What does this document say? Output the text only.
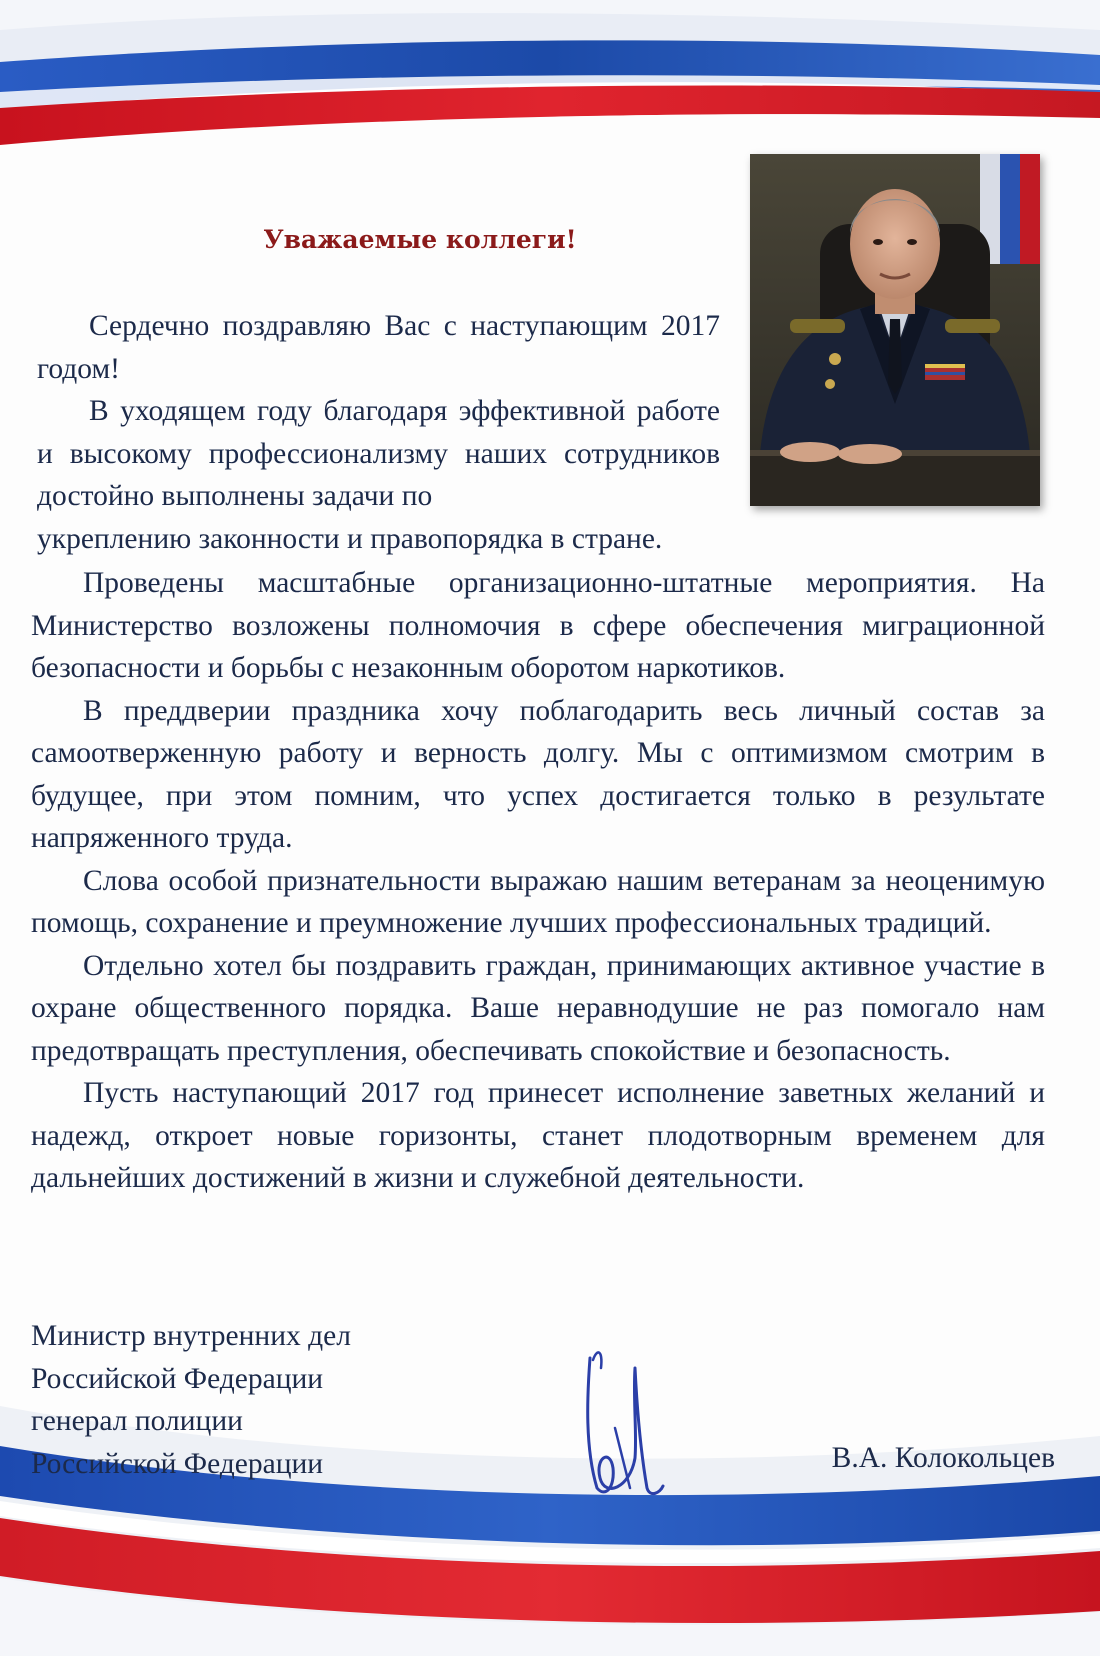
Уважаемые коллеги!

Сердечно поздравляю Вас с наступающим 2017 годом!

В уходящем году благодаря эффективной работе и высокому профессионализму наших сотрудников достойно выполнены задачи по

укреплению законности и правопорядка в стране.

Проведены масштабные организационно-штатные мероприятия. На Министерство возложены полномочия в сфере обеспечения миграционной безопасности и борьбы с незаконным оборотом наркотиков.

В преддверии праздника хочу поблагодарить весь личный состав за самоотверженную работу и верность долгу. Мы с оптимизмом смотрим в будущее, при этом помним, что успех достигается только в результате напряженного труда.

Слова особой признательности выражаю нашим ветеранам за неоценимую помощь, сохранение и преумножение лучших профессиональных традиций.

Отдельно хотел бы поздравить граждан, принимающих активное участие в охране общественного порядка. Ваше неравнодушие не раз помогало нам предотвращать преступления, обеспечивать спокойствие и безопасность.

Пусть наступающий 2017 год принесет исполнение заветных желаний и надежд, откроет новые горизонты, станет плодотворным временем для дальнейших достижений в жизни и служебной деятельности.

Министр внутренних дел
Российской Федерации
генерал полиции
Российской Федерации	В.А. Колокольцев
